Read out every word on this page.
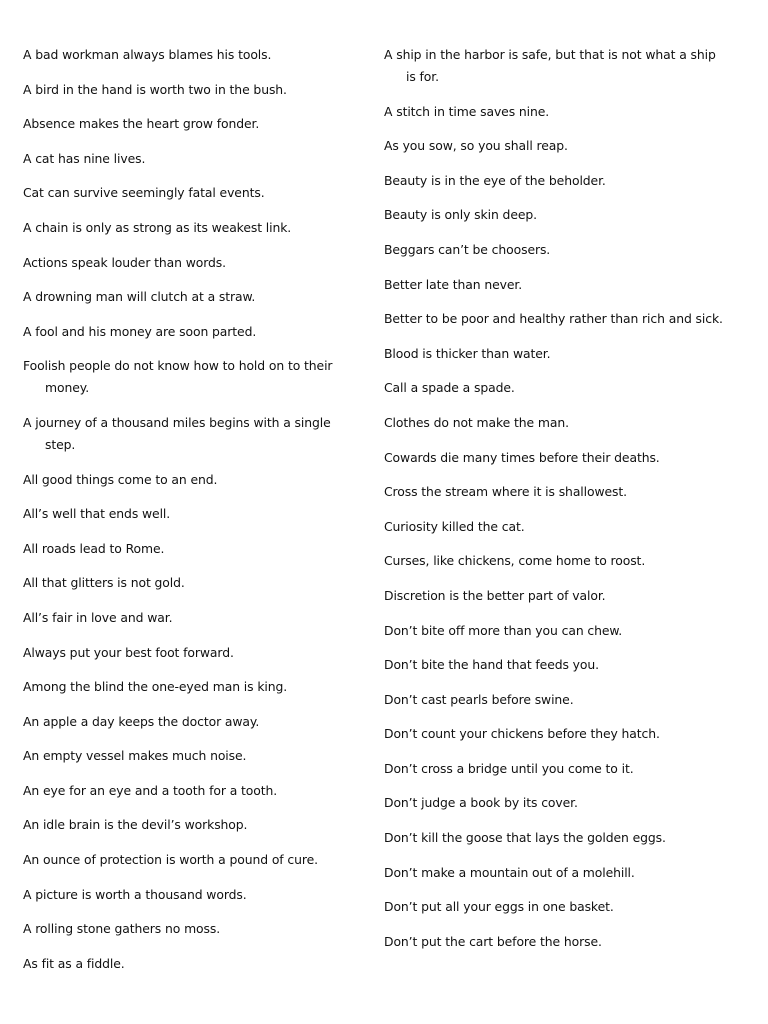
A bad workman always blames his tools.
A bird in the hand is worth two in the bush.
Absence makes the heart grow fonder.
A cat has nine lives.
Cat can survive seemingly fatal events.
A chain is only as strong as its weakest link.
Actions speak louder than words.
A drowning man will clutch at a straw.
A fool and his money are soon parted.
Foolish people do not know how to hold on to their money.
A journey of a thousand miles begins with a single step.
All good things come to an end.
All’s well that ends well.
All roads lead to Rome.
All that glitters is not gold.
All’s fair in love and war.
Always put your best foot forward.
Among the blind the one-eyed man is king.
An apple a day keeps the doctor away.
An empty vessel makes much noise.
An eye for an eye and a tooth for a tooth.
An idle brain is the devil’s workshop.
An ounce of protection is worth a pound of cure.
A picture is worth a thousand words.
A rolling stone gathers no moss.
As fit as a fiddle.
A ship in the harbor is safe, but that is not what a ship is for.
A stitch in time saves nine.
As you sow, so you shall reap.
Beauty is in the eye of the beholder.
Beauty is only skin deep.
Beggars can’t be choosers.
Better late than never.
Better to be poor and healthy rather than rich and sick.
Blood is thicker than water.
Call a spade a spade.
Clothes do not make the man.
Cowards die many times before their deaths.
Cross the stream where it is shallowest.
Curiosity killed the cat.
Curses, like chickens, come home to roost.
Discretion is the better part of valor.
Don’t bite off more than you can chew.
Don’t bite the hand that feeds you.
Don’t cast pearls before swine.
Don’t count your chickens before they hatch.
Don’t cross a bridge until you come to it.
Don’t judge a book by its cover.
Don’t kill the goose that lays the golden eggs.
Don’t make a mountain out of a molehill.
Don’t put all your eggs in one basket.
Don’t put the cart before the horse.
